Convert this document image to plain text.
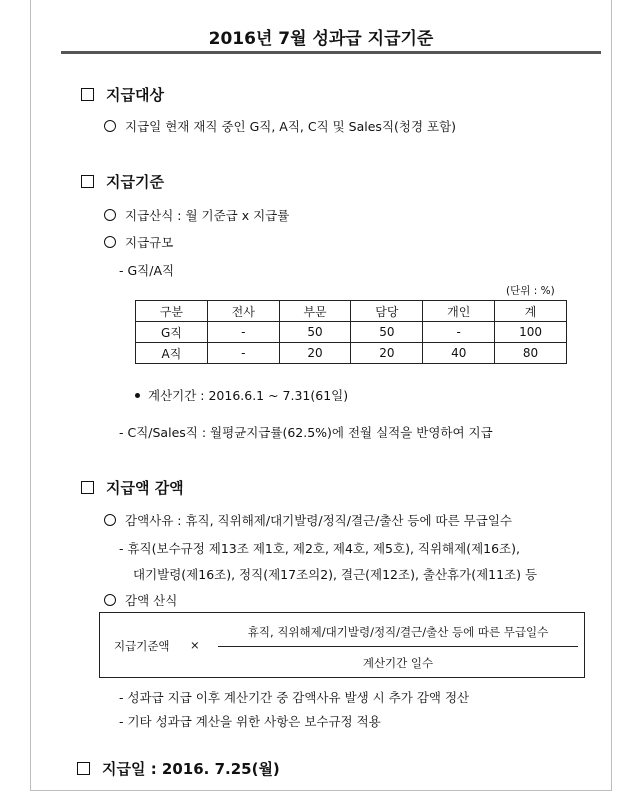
2016년 7월 성과급 지급기준
지급대상
지급일 현재 재직 중인 G직, A직, C직 및 Sales직(청경 포함)
지급기준
지급산식 : 월 기준급 x 지급률
지급규모
- G직/A직
(단위 : %)
구분	전사	부문	담당	개인	계
G직	-	50	50	-	100
A직	-	20	20	40	80
계산기간 : 2016.6.1 ~ 7.31(61일)
- C직/Sales직 : 월평균지급률(62.5%)에 전월 실적을 반영하여 지급
지급액 감액
감액사유 : 휴직, 직위해제/대기발령/정직/결근/출산 등에 따른 무급일수
- 휴직(보수규정 제13조 제1호, 제2호, 제4호, 제5호), 직위해제(제16조),
대기발령(제16조), 정직(제17조의2), 결근(제12조), 출산휴가(제11조) 등
감액 산식
지급기준액 ×
휴직, 직위해제/대기발령/정직/결근/출산 등에 따른 무급일수
계산기간 일수
- 성과급 지급 이후 계산기간 중 감액사유 발생 시 추가 감액 정산
- 기타 성과급 계산을 위한 사항은 보수규정 적용
지급일 : 2016. 7.25(월)
